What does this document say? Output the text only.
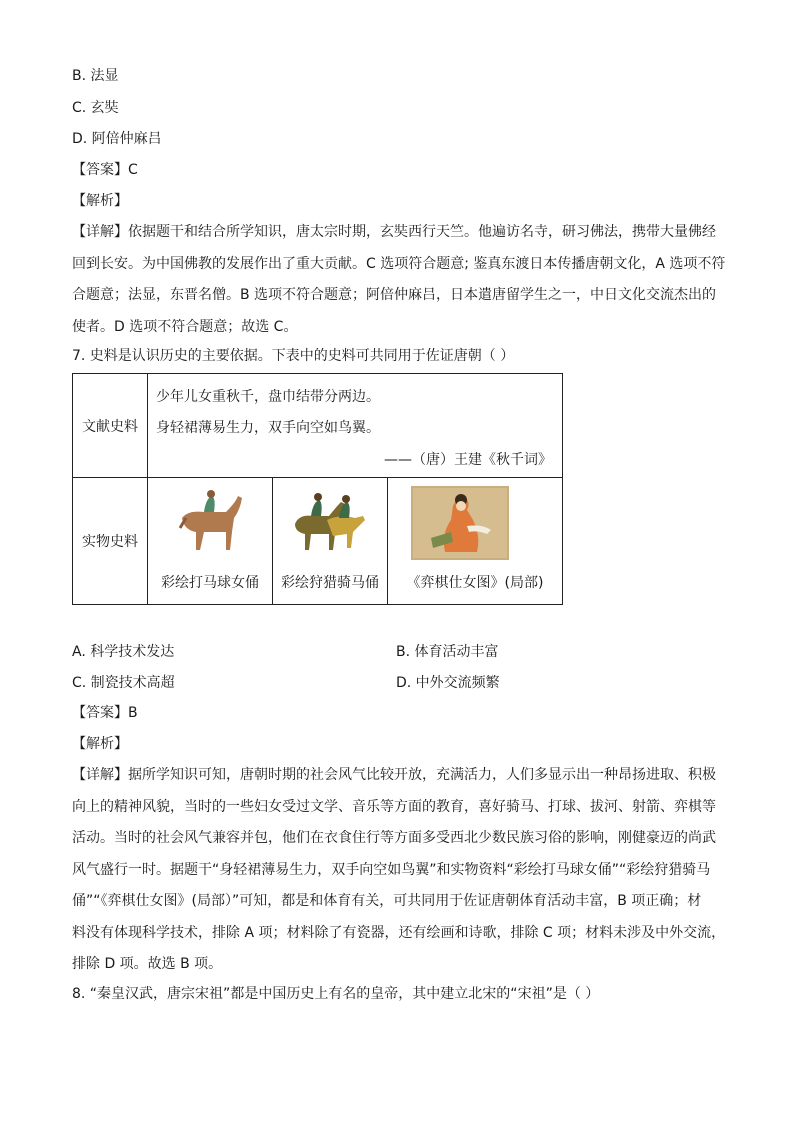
B. 法显
C. 玄奘
D. 阿倍仲麻吕
【答案】C
【解析】
【详解】依据题干和结合所学知识，唐太宗时期，玄奘西行天竺。他遍访名寺，研习佛法，携带大量佛经
回到长安。为中国佛教的发展作出了重大贡献。C 选项符合题意; 鉴真东渡日本传播唐朝文化，A 选项不符
合题意；法显，东晋名僧。B 选项不符合题意；阿倍仲麻吕，日本遣唐留学生之一，中日文化交流杰出的
使者。D 选项不符合题意；故选 C。
7. 史料是认识历史的主要依据。下表中的史料可共同用于佐证唐朝（ ）
文献史料	少年儿女重秋千，盘巾结带分两边。
身轻裙薄易生力，双手向空如鸟翼。
——（唐）王建《秋千词》		

实物史料	彩绘打马球女俑	彩绘狩猎骑马俑	《弈棋仕女图》(局部)
A. 科学技术发达	B. 体育活动丰富
C. 制瓷技术高超	D. 中外交流频繁
【答案】B
【解析】
【详解】据所学知识可知，唐朝时期的社会风气比较开放，充满活力，人们多显示出一种昂扬进取、积极
向上的精神风貌，当时的一些妇女受过文学、音乐等方面的教育，喜好骑马、打球、拔河、射箭、弈棋等
活动。当时的社会风气兼容并包，他们在衣食住行等方面多受西北少数民族习俗的影响，刚健豪迈的尚武
风气盛行一时。据题干“身轻裙薄易生力，双手向空如鸟翼”和实物资料“彩绘打马球女俑”“彩绘狩猎骑马
俑”“《弈棋仕女图》(局部）”可知，都是和体育有关，可共同用于佐证唐朝体育活动丰富，B 项正确；材
料没有体现科学技术，排除 A 项；材料除了有瓷器，还有绘画和诗歌，排除 C 项；材料未涉及中外交流，
排除 D 项。故选 B 项。
8. “秦皇汉武，唐宗宋祖”都是中国历史上有名的皇帝，其中建立北宋的“宋祖”是（ ）
